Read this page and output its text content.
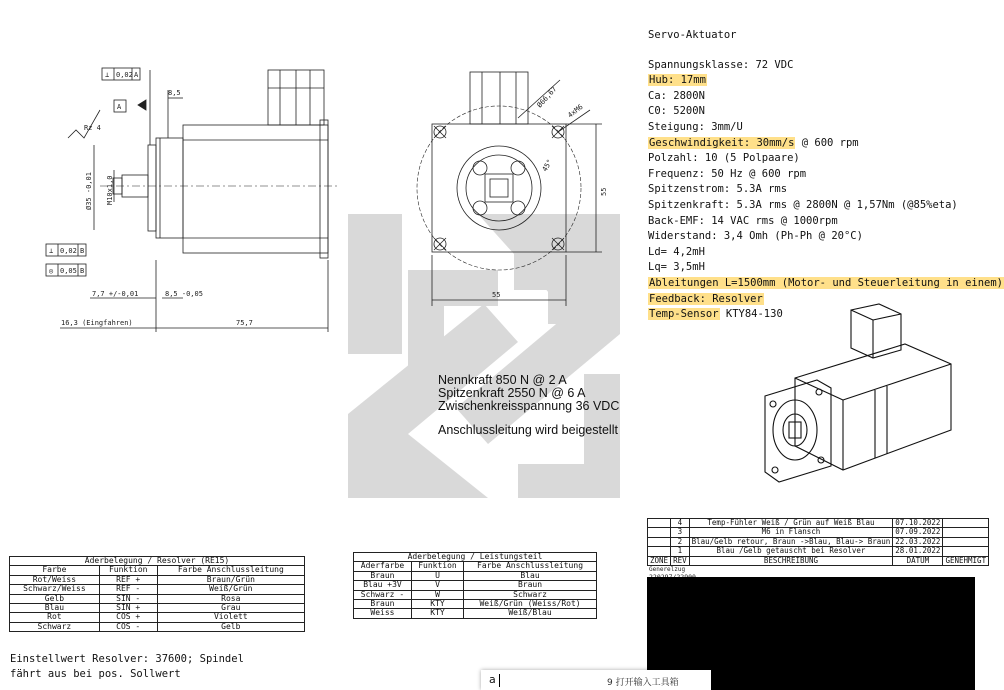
⊥ 0,02 A
A
Rz 4
8,5
⊥ 0,02 B
◎ 0,05 B
7,7 +/-0,01	8,5 -0,05
16,3 (Eingfahren)	75,7
Ø35 -0,01 M10x1,0
Ø66,67
4xM6
45°
55
55
Servo-Aktuator
Spannungsklasse: 72 VDC
Hub: 17mm
Ca: 2800N
C0: 5200N
Steigung: 3mm/U
Geschwindigkeit: 30mm/s @ 600 rpm
Polzahl: 10 (5 Polpaare)
Frequenz: 50 Hz @ 600 rpm
Spitzenstrom: 5.3A rms
Spitzenkraft: 5.3A rms @ 2800N @ 1,57Nm (@85%eta)
Back-EMF: 14 VAC rms @ 1000rpm
Widerstand: 3,4 Omh (Ph-Ph @ 20°C)
Ld= 4,2mH
Lq= 3,5mH
Ableitungen L=1500mm (Motor- und Steuerleitung in einem)
Feedback: Resolver
Temp-Sensor KTY84-130
Nennkraft 850 N @ 2 A
Spitzenkraft 2550 N @ 6 A
Zwischenkreisspannung 36 VDC
Anschlussleitung wird beigestellt
Aderbelegung / Resolver (RE15)		
Farbe	Funktion	Farbe Anschlussleitung
Rot/Weiss	REF +	Braun/Grün
Schwarz/Weiss	REF -	Weiß/Grün
Gelb	SIN -	Rosa
Blau	SIN +	Grau
Rot	COS +	Violett
Schwarz	COS -	Gelb
Aderbelegung / Leistungsteil		
Aderfarbe	Funktion	Farbe Anschlussleitung
Braun	U	Blau
Blau +3V	V	Braun
Schwarz -	W	Schwarz
Braun	KTY	Weiß/Grün (Weiss/Rot)
Weiss	KTY	Weiß/Blau
	4	Temp-Fühler Weiß / Grün auf Weiß Blau	07.10.2022	
	3	M6 in Flansch	07.09.2022	
	2	Blau/Gelb retour, Braun ->Blau, Blau-> Braun	22.03.2022	
	1	Blau /Gelb getauscht bei Resolver	28.01.2022	
ZONE	REV	BESCHREIBUNG	DATUM	GENEHMIGT
Generelzug
Einstellwert Resolver: 37600; Spindel
fährt aus bei pos. Sollwert	a	9 打开输入工具箱
